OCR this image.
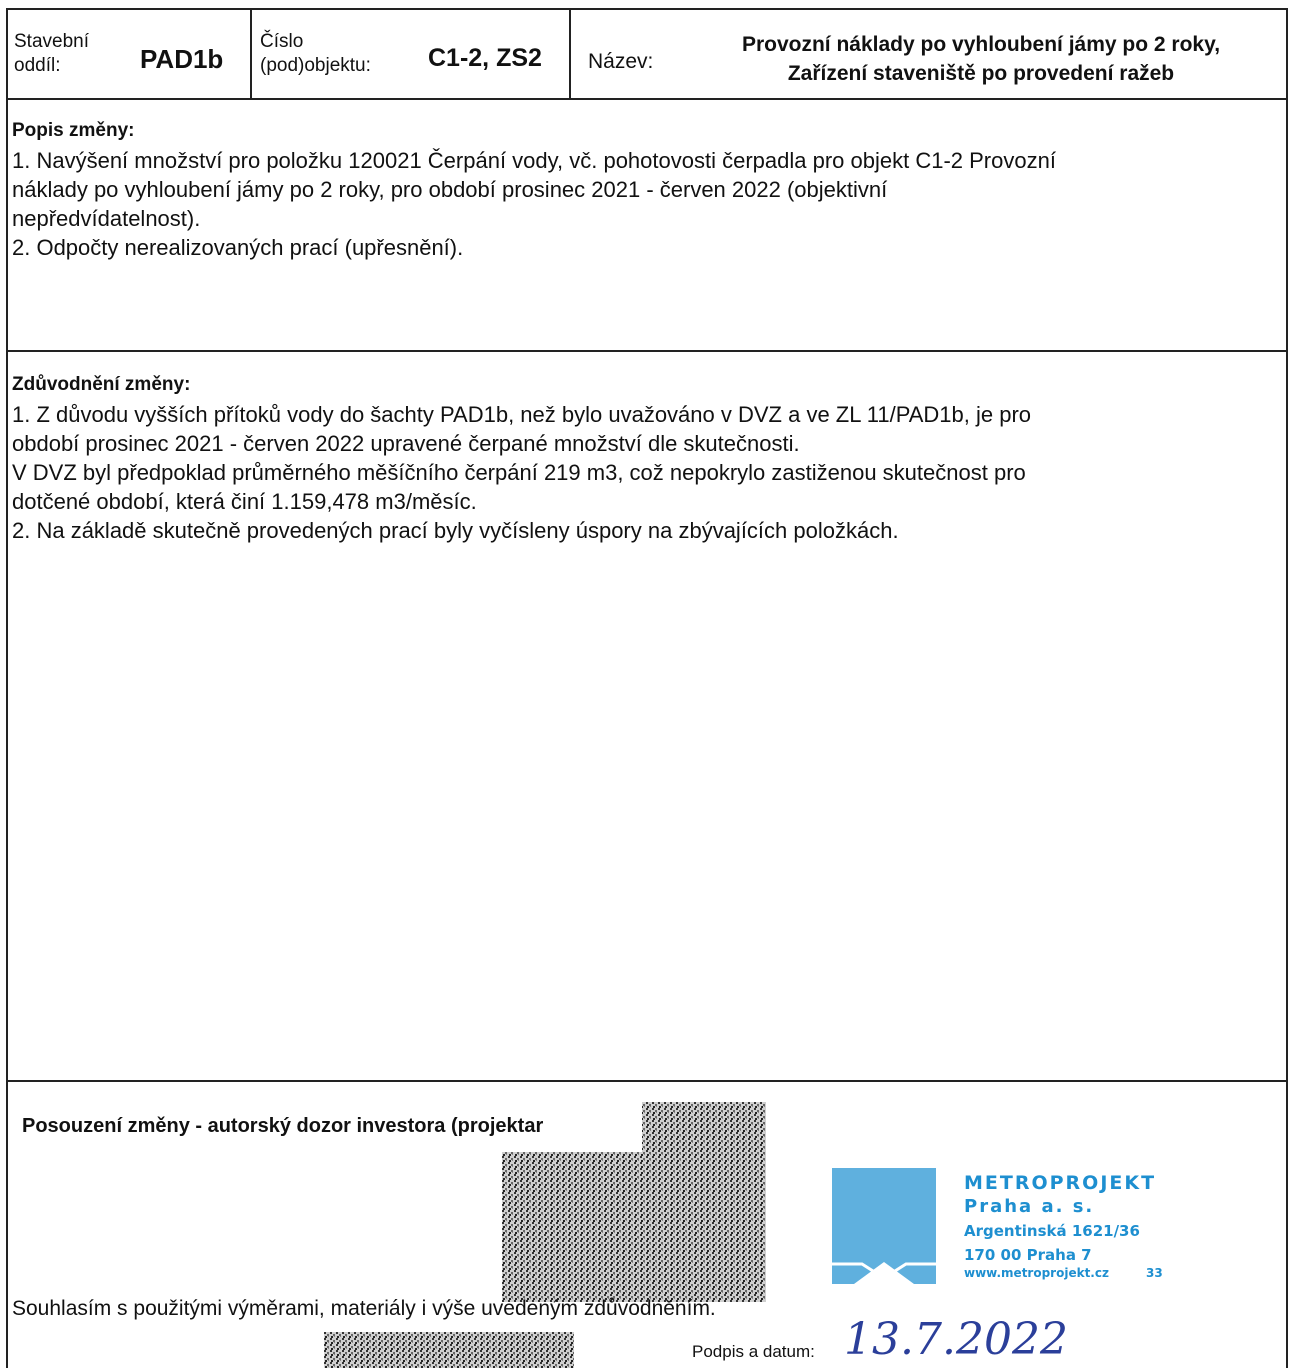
Stavební
oddíl:	PAD1b
Číslo
(pod)objektu: C1-2, ZS2 Název:
Provozní náklady po vyhloubení jámy po 2 roky,
Zařízení staveniště po provedení ražeb
Popis změny:
1. Navýšení množství pro položku 120021 Čerpání vody, vč. pohotovosti čerpadla pro objekt C1-2 Provozní
náklady po vyhloubení jámy po 2 roky, pro období prosinec 2021 - červen 2022 (objektivní
nepředvídatelnost).
2. Odpočty nerealizovaných prací (upřesnění).
Zdůvodnění změny:
1. Z důvodu vyšších přítoků vody do šachty PAD1b, než bylo uvažováno v DVZ a ve ZL 11/PAD1b, je pro
období prosinec 2021 - červen 2022 upravené čerpané množství dle skutečnosti.
V DVZ byl předpoklad průměrného měšíčního čerpání 219 m3, což nepokrylo zastiženou skutečnost pro
dotčené období, která činí 1.159,478 m3/měsíc.
2. Na základě skutečně provedených prací byly vyčísleny úspory na zbývajících položkách.
Posouzení změny - autorský dozor investora (projektar
METROPROJEKT
Praha a. s.
Argentinská 1621/36
170 00 Praha 7
www.metroprojekt.cz	33
Souhlasím s použitými výměrami, materiály i výše uvedeným zdůvodněním.
Podpis a datum: 13.7.2022
